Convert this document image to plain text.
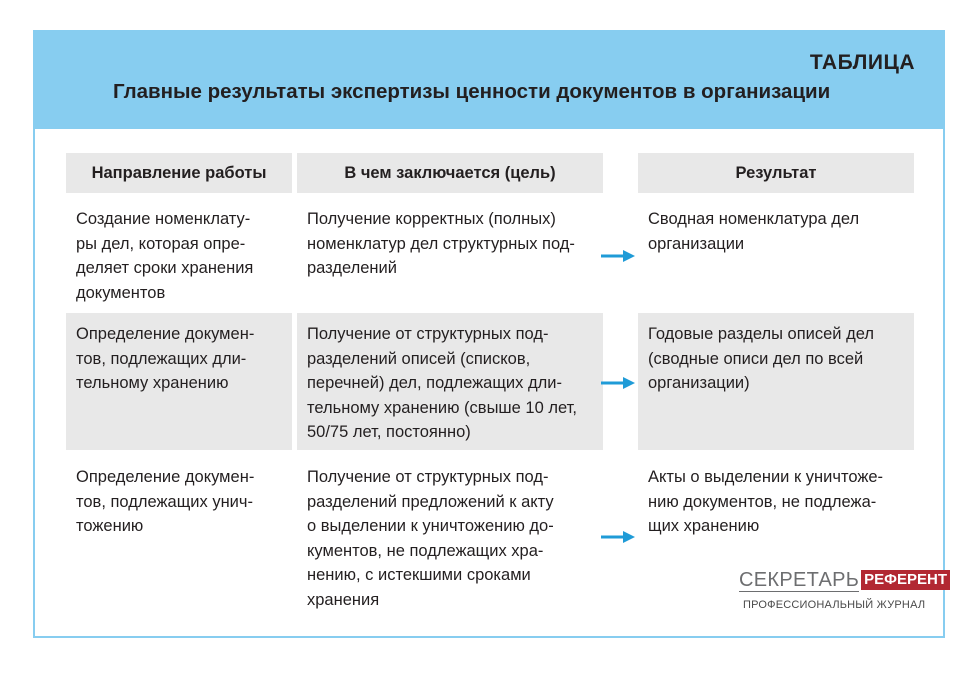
ТАБЛИЦА
Главные результаты экспертизы ценности документов в организации
Направление работы	В чем заключается (цель)	Результат
Создание номенклату-
ры дел, которая опре-
деляет сроки хранения
документов
Получение корректных (полных)
номенклатур дел структурных под-
разделений
Сводная номенклатура дел
организации
Определение докумен-
тов, подлежащих дли-
тельному хранению
Получение от структурных под-
разделений описей (списков,
перечней) дел, подлежащих дли-
тельному хранению (свыше 10 лет,
50/75 лет, постоянно)
Годовые разделы описей дел
(сводные описи дел по всей
организации)
Определение докумен-
тов, подлежащих унич-
тожению
Получение от структурных под-
разделений предложений к акту
о выделении к уничтожению до-
кументов, не подлежащих хра-
нению, с истекшими сроками
хранения
Акты о выделении к уничтоже-
нию документов, не подлежа-
щих хранению
СЕКРЕТАРЬ РЕФЕРЕНТ
ПРОФЕССИОНАЛЬНЫЙ ЖУРНАЛ
